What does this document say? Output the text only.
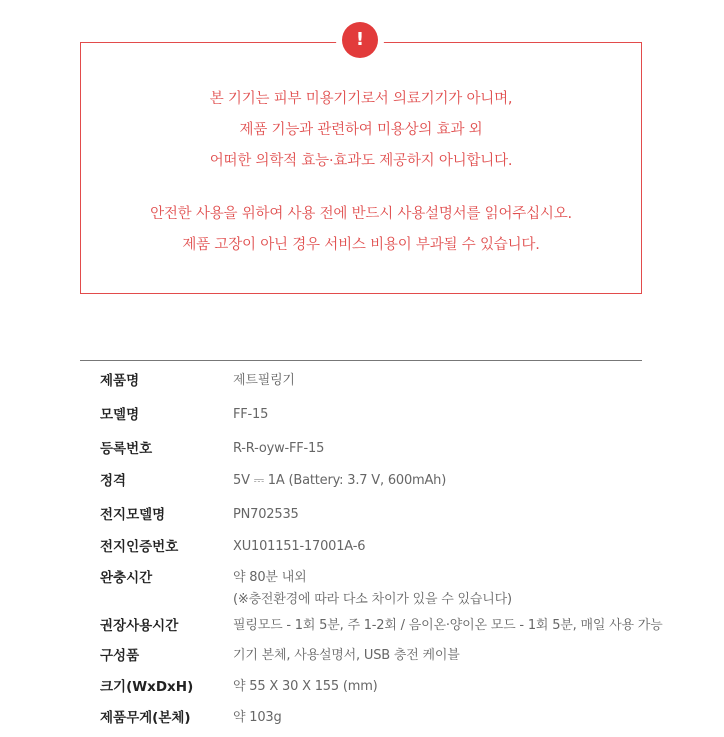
!
본 기기는 피부 미용기기로서 의료기기가 아니며,
제품 기능과 관련하여 미용상의 효과 외
어떠한 의학적 효능·효과도 제공하지 아니합니다.
안전한 사용을 위하여 사용 전에 반드시 사용설명서를 읽어주십시오.
제품 고장이 아닌 경우 서비스 비용이 부과될 수 있습니다.
제품명	제트필링기
모델명	FF-15
등록번호	R-R-oyw-FF-15
정격	5V ⎓ 1A (Battery: 3.7 V, 600mAh)
전지모델명	PN702535
전지인증번호	XU101151-17001A-6
완충시간	약 80분 내외
(※충전환경에 따라 다소 차이가 있을 수 있습니다)
권장사용시간	필링모드 - 1회 5분, 주 1-2회 / 음이온·양이온 모드 - 1회 5분, 매일 사용 가능
구성품	기기 본체, 사용설명서, USB 충전 케이블
크기(WxDxH)	약 55 X 30 X 155 (mm)
제품무게(본체)	약 103g
